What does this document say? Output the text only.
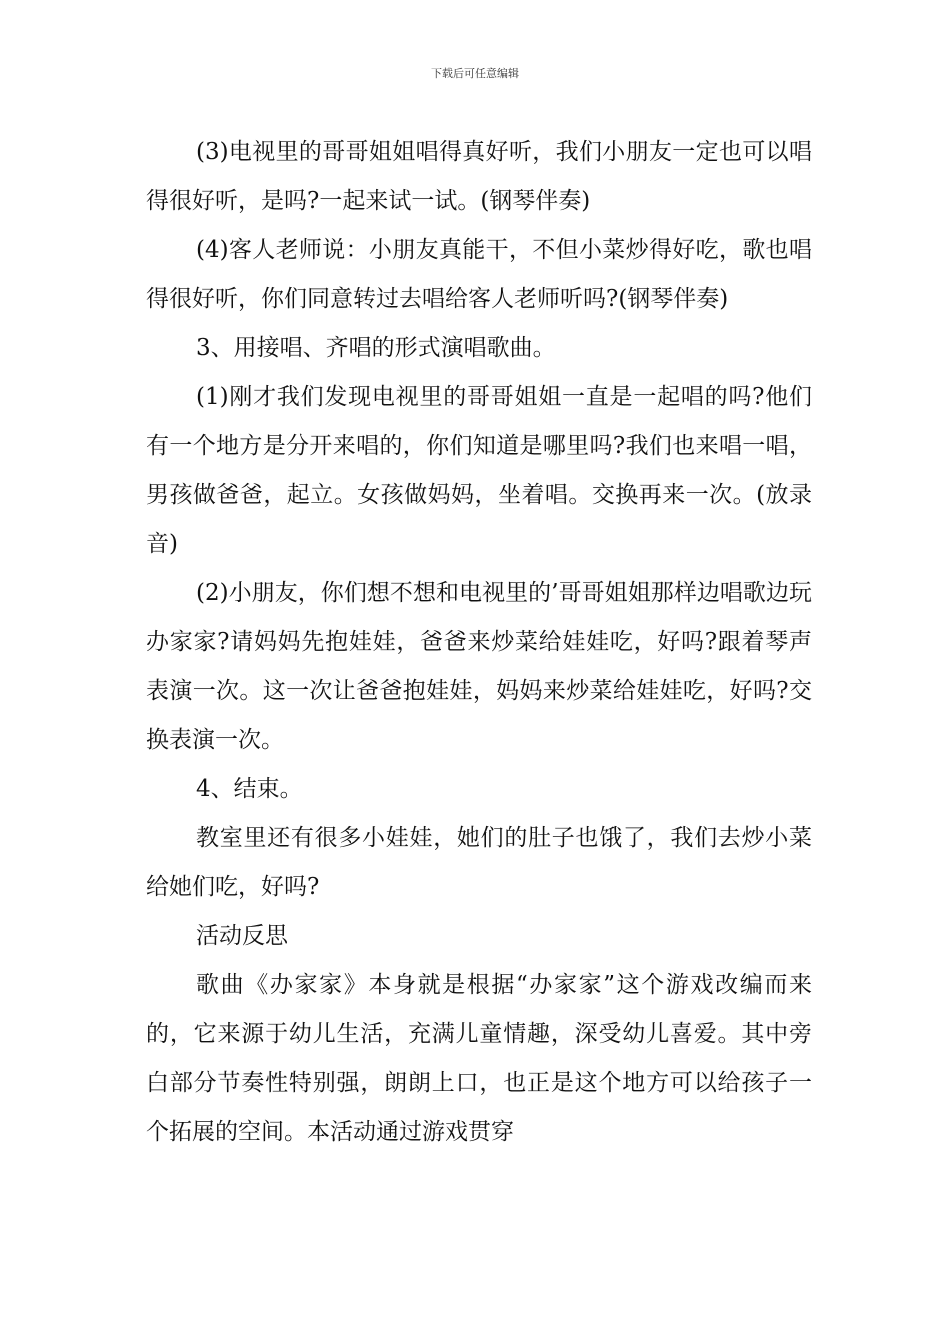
下载后可任意编辑

(3)电视里的哥哥姐姐唱得真好听，我们小朋友一定也可以唱得很好听，是吗?一起来试一试。(钢琴伴奏)

(4)客人老师说：小朋友真能干，不但小菜炒得好吃，歌也唱得很好听，你们同意转过去唱给客人老师听吗?(钢琴伴奏)

3、用接唱、齐唱的形式演唱歌曲。

(1)刚才我们发现电视里的哥哥姐姐一直是一起唱的吗?他们有一个地方是分开来唱的，你们知道是哪里吗?我们也来唱一唱，男孩做爸爸，起立。女孩做妈妈，坐着唱。交换再来一次。(放录音)

(2)小朋友，你们想不想和电视里的’哥哥姐姐那样边唱歌边玩办家家?请妈妈先抱娃娃，爸爸来炒菜给娃娃吃，好吗?跟着琴声表演一次。这一次让爸爸抱娃娃，妈妈来炒菜给娃娃吃，好吗?交换表演一次。

4、结束。

教室里还有很多小娃娃，她们的肚子也饿了，我们去炒小菜给她们吃，好吗?

活动反思

歌曲《办家家》本身就是根据“办家家”这个游戏改编而来的，它来源于幼儿生活，充满儿童情趣，深受幼儿喜爱。其中旁白部分节奏性特别强，朗朗上口，也正是这个地方可以给孩子一个拓展的空间。本活动通过游戏贯穿
